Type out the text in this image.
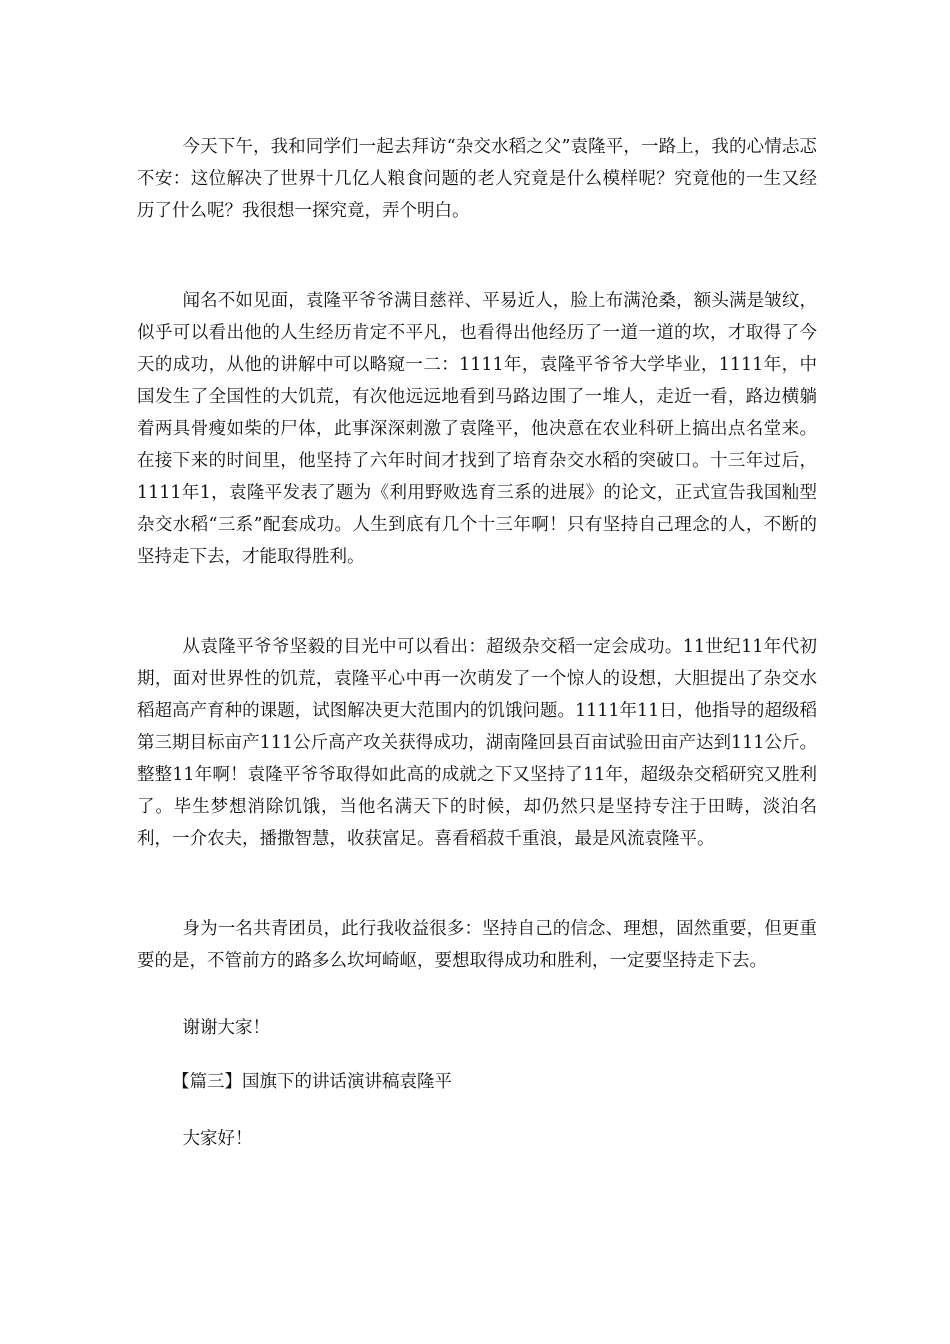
今天下午，我和同学们一起去拜访“杂交水稻之父”袁隆平，一路上，我的心情忐忑不安：这位解决了世界十几亿人粮食问题的老人究竟是什么模样呢？究竟他的一生又经历了什么呢？我很想一探究竟，弄个明白。

闻名不如见面，袁隆平爷爷满目慈祥、平易近人，脸上布满沧桑，额头满是皱纹，似乎可以看出他的人生经历肯定不平凡，也看得出他经历了一道一道的坎，才取得了今天的成功，从他的讲解中可以略窥一二：1111年，袁隆平爷爷大学毕业，1111年，中国发生了全国性的大饥荒，有次他远远地看到马路边围了一堆人，走近一看，路边横躺着两具骨瘦如柴的尸体，此事深深刺激了袁隆平，他决意在农业科研上搞出点名堂来。在接下来的时间里，他坚持了六年时间才找到了培育杂交水稻的突破口。十三年过后，1111年1，袁隆平发表了题为《利用野败选育三系的进展》的论文，正式宣告我国籼型杂交水稻“三系”配套成功。人生到底有几个十三年啊！只有坚持自己理念的人，不断的坚持走下去，才能取得胜利。

从袁隆平爷爷坚毅的目光中可以看出：超级杂交稻一定会成功。11世纪11年代初期，面对世界性的饥荒，袁隆平心中再一次萌发了一个惊人的设想，大胆提出了杂交水稻超高产育种的课题，试图解决更大范围内的饥饿问题。1111年11日，他指导的超级稻第三期目标亩产111公斤高产攻关获得成功，湖南隆回县百亩试验田亩产达到111公斤。整整11年啊！袁隆平爷爷取得如此高的成就之下又坚持了11年，超级杂交稻研究又胜利了。毕生梦想消除饥饿，当他名满天下的时候，却仍然只是坚持专注于田畴，淡泊名利，一介农夫，播撒智慧，收获富足。喜看稻菽千重浪，最是风流袁隆平。

身为一名共青团员，此行我收益很多：坚持自己的信念、理想，固然重要，但更重要的是，不管前方的路多么坎坷崎岖，要想取得成功和胜利，一定要坚持走下去。

谢谢大家！

【篇三】国旗下的讲话演讲稿袁隆平

大家好！
